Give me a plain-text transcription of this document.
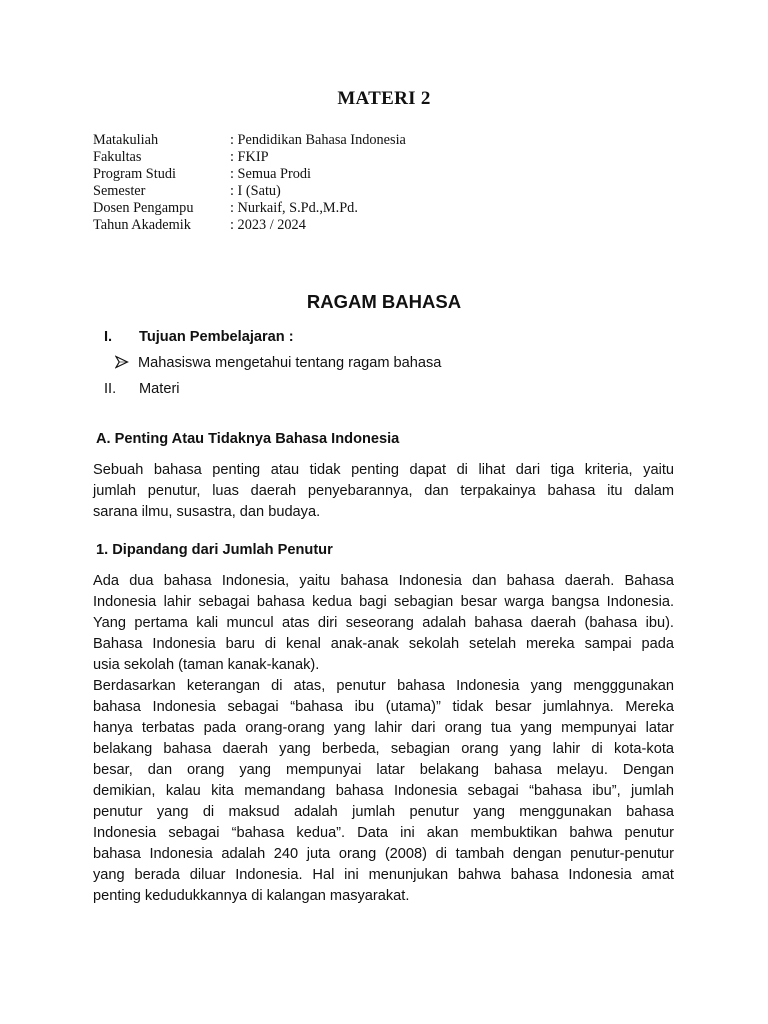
MATERI 2
Matakuliah	: Pendidikan Bahasa Indonesia
Fakultas	: FKIP
Program Studi	: Semua Prodi
Semester	: I (Satu)
Dosen Pengampu	: Nurkaif, S.Pd.,M.Pd.
Tahun Akademik	: 2023 / 2024
RAGAM BAHASA
I. Tujuan Pembelajaran :
Mahasiswa mengetahui tentang ragam bahasa
II. Materi
A. Penting Atau Tidaknya Bahasa Indonesia
Sebuah bahasa penting atau tidak penting dapat di lihat dari tiga kriteria, yaitu
jumlah penutur, luas daerah penyebarannya, dan terpakainya bahasa itu dalam
sarana ilmu, susastra, dan budaya.
1. Dipandang dari Jumlah Penutur
Ada dua bahasa Indonesia, yaitu bahasa Indonesia dan bahasa daerah. Bahasa
Indonesia lahir sebagai bahasa kedua bagi sebagian besar warga bangsa Indonesia.
Yang pertama kali muncul atas diri seseorang adalah bahasa daerah (bahasa ibu).
Bahasa Indonesia baru di kenal anak-anak sekolah setelah mereka sampai pada
usia sekolah (taman kanak-kanak).
Berdasarkan keterangan di atas, penutur bahasa Indonesia yang mengggunakan
bahasa Indonesia sebagai “bahasa ibu (utama)” tidak besar jumlahnya. Mereka
hanya terbatas pada orang-orang yang lahir dari orang tua yang mempunyai latar
belakang bahasa daerah yang berbeda, sebagian orang yang lahir di kota-kota
besar, dan orang yang mempunyai latar belakang bahasa melayu. Dengan
demikian, kalau kita memandang bahasa Indonesia sebagai “bahasa ibu”, jumlah
penutur yang di maksud adalah jumlah penutur yang menggunakan bahasa
Indonesia sebagai “bahasa kedua”. Data ini akan membuktikan bahwa penutur
bahasa Indonesia adalah 240 juta orang (2008) di tambah dengan penutur-penutur
yang berada diluar Indonesia. Hal ini menunjukan bahwa bahasa Indonesia amat
penting kedudukkannya di kalangan masyarakat.
